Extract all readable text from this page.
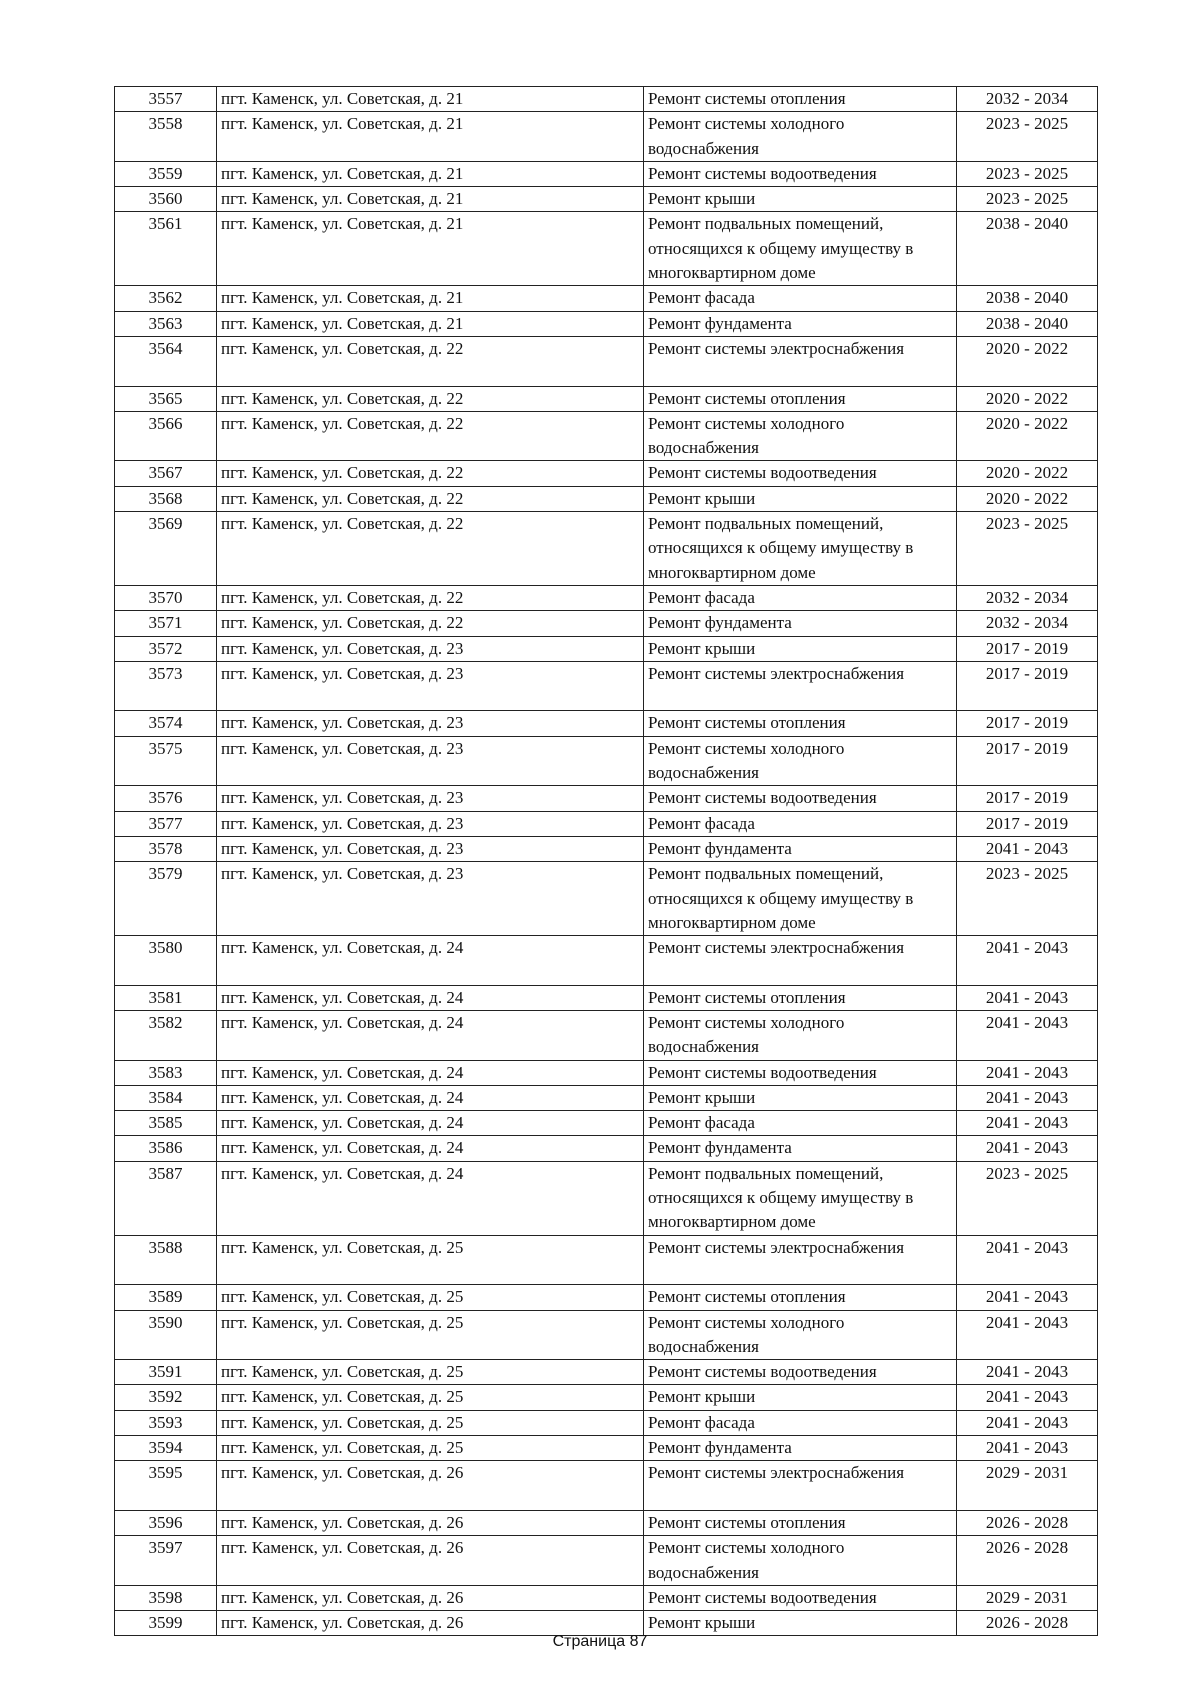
3557	пгт. Каменск, ул. Советская, д. 21	Ремонт системы отопления	2032 - 2034
3558	пгт. Каменск, ул. Советская, д. 21	Ремонт системы холодного водоснабжения	2023 - 2025
3559	пгт. Каменск, ул. Советская, д. 21	Ремонт системы водоотведения	2023 - 2025
3560	пгт. Каменск, ул. Советская, д. 21	Ремонт крыши	2023 - 2025
3561	пгт. Каменск, ул. Советская, д. 21	Ремонт подвальных помещений, относящихся к общему имуществу в многоквартирном доме	2038 - 2040
3562	пгт. Каменск, ул. Советская, д. 21	Ремонт фасада	2038 - 2040
3563	пгт. Каменск, ул. Советская, д. 21	Ремонт фундамента	2038 - 2040
3564	пгт. Каменск, ул. Советская, д. 22	Ремонт системы электроснабжения	2020 - 2022
3565	пгт. Каменск, ул. Советская, д. 22	Ремонт системы отопления	2020 - 2022
3566	пгт. Каменск, ул. Советская, д. 22	Ремонт системы холодного водоснабжения	2020 - 2022
3567	пгт. Каменск, ул. Советская, д. 22	Ремонт системы водоотведения	2020 - 2022
3568	пгт. Каменск, ул. Советская, д. 22	Ремонт крыши	2020 - 2022
3569	пгт. Каменск, ул. Советская, д. 22	Ремонт подвальных помещений, относящихся к общему имуществу в многоквартирном доме	2023 - 2025
3570	пгт. Каменск, ул. Советская, д. 22	Ремонт фасада	2032 - 2034
3571	пгт. Каменск, ул. Советская, д. 22	Ремонт фундамента	2032 - 2034
3572	пгт. Каменск, ул. Советская, д. 23	Ремонт крыши	2017 - 2019
3573	пгт. Каменск, ул. Советская, д. 23	Ремонт системы электроснабжения	2017 - 2019
3574	пгт. Каменск, ул. Советская, д. 23	Ремонт системы отопления	2017 - 2019
3575	пгт. Каменск, ул. Советская, д. 23	Ремонт системы холодного водоснабжения	2017 - 2019
3576	пгт. Каменск, ул. Советская, д. 23	Ремонт системы водоотведения	2017 - 2019
3577	пгт. Каменск, ул. Советская, д. 23	Ремонт фасада	2017 - 2019
3578	пгт. Каменск, ул. Советская, д. 23	Ремонт фундамента	2041 - 2043
3579	пгт. Каменск, ул. Советская, д. 23	Ремонт подвальных помещений, относящихся к общему имуществу в многоквартирном доме	2023 - 2025
3580	пгт. Каменск, ул. Советская, д. 24	Ремонт системы электроснабжения	2041 - 2043
3581	пгт. Каменск, ул. Советская, д. 24	Ремонт системы отопления	2041 - 2043
3582	пгт. Каменск, ул. Советская, д. 24	Ремонт системы холодного водоснабжения	2041 - 2043
3583	пгт. Каменск, ул. Советская, д. 24	Ремонт системы водоотведения	2041 - 2043
3584	пгт. Каменск, ул. Советская, д. 24	Ремонт крыши	2041 - 2043
3585	пгт. Каменск, ул. Советская, д. 24	Ремонт фасада	2041 - 2043
3586	пгт. Каменск, ул. Советская, д. 24	Ремонт фундамента	2041 - 2043
3587	пгт. Каменск, ул. Советская, д. 24	Ремонт подвальных помещений, относящихся к общему имуществу в многоквартирном доме	2023 - 2025
3588	пгт. Каменск, ул. Советская, д. 25	Ремонт системы электроснабжения	2041 - 2043
3589	пгт. Каменск, ул. Советская, д. 25	Ремонт системы отопления	2041 - 2043
3590	пгт. Каменск, ул. Советская, д. 25	Ремонт системы холодного водоснабжения	2041 - 2043
3591	пгт. Каменск, ул. Советская, д. 25	Ремонт системы водоотведения	2041 - 2043
3592	пгт. Каменск, ул. Советская, д. 25	Ремонт крыши	2041 - 2043
3593	пгт. Каменск, ул. Советская, д. 25	Ремонт фасада	2041 - 2043
3594	пгт. Каменск, ул. Советская, д. 25	Ремонт фундамента	2041 - 2043
3595	пгт. Каменск, ул. Советская, д. 26	Ремонт системы электроснабжения	2029 - 2031
3596	пгт. Каменск, ул. Советская, д. 26	Ремонт системы отопления	2026 - 2028
3597	пгт. Каменск, ул. Советская, д. 26	Ремонт системы холодного водоснабжения	2026 - 2028
3598	пгт. Каменск, ул. Советская, д. 26	Ремонт системы водоотведения	2029 - 2031
3599	пгт. Каменск, ул. Советская, д. 26	Ремонт крыши	2026 - 2028
Страница 87
